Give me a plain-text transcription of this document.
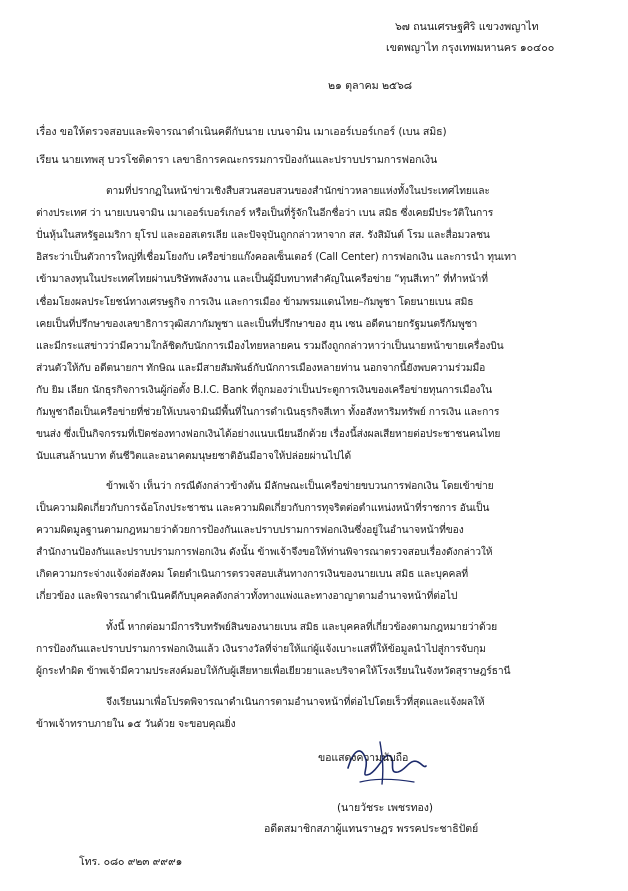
๖๗ ถนนเศรษฐศิริ แขวงพญาไท
เขตพญาไท กรุงเทพมหานคร ๑๐๔๐๐
๒๑ ตุลาคม ๒๕๖๘
เรื่อง ขอให้ตรวจสอบและพิจารณาดำเนินคดีกับนาย เบนจามิน เมาเออร์เบอร์เกอร์ (เบน สมิธ)
เรียน นายเทพสุ บวรโชติดารา เลขาธิการคณะกรรมการป้องกันและปราบปรามการฟอกเงิน
ตามที่ปรากฏในหน้าข่าวเชิงสืบสวนสอบสวนของสำนักข่าวหลายแห่งทั้งในประเทศไทยและ
ต่างประเทศ ว่า นายเบนจามิน เมาเออร์เบอร์เกอร์ หรือเป็นที่รู้จักในอีกชื่อว่า เบน สมิธ ซึ่งเคยมีประวัติในการ
ปั่นหุ้นในสหรัฐอเมริกา ยุโรป และออสเตรเลีย และปัจจุบันถูกกล่าวหาจาก สส. รังสิมันต์ โรม และสื่อมวลชน
อิสระว่าเป็นตัวการใหญ่ที่เชื่อมโยงกับ เครือข่ายแก๊งคอลเซ็นเตอร์ (Call Center) การฟอกเงิน และการนำ ทุนเทา
เข้ามาลงทุนในประเทศไทยผ่านบริษัทพลังงาน และเป็นผู้มีบทบาทสำคัญในเครือข่าย “ทุนสีเทา” ที่ทำหน้าที่
เชื่อมโยงผลประโยชน์ทางเศรษฐกิจ การเงิน และการเมือง ข้ามพรมแดนไทย–กัมพูชา โดยนายเบน สมิธ
เคยเป็นที่ปรึกษาของเลขาธิการวุฒิสภากัมพูชา และเป็นที่ปรึกษาของ ฮุน เซน อดีตนายกรัฐมนตรีกัมพูชา
และมีกระแสข่าวว่ามีความใกล้ชิดกับนักการเมืองไทยหลายคน รวมถึงถูกกล่าวหาว่าเป็นนายหน้าขายเครื่องบิน
ส่วนตัวให้กับ อดีตนายกฯ ทักษิณ และมีสายสัมพันธ์กับนักการเมืองหลายท่าน นอกจากนี้ยังพบความร่วมมือ
กับ ยิม เลียก นักธุรกิจการเงินผู้ก่อตั้ง B.I.C. Bank ที่ถูกมองว่าเป็นประตูการเงินของเครือข่ายทุนการเมืองใน
กัมพูชาถือเป็นเครือข่ายที่ช่วยให้เบนจามินมีพื้นที่ในการดำเนินธุรกิจสีเทา ทั้งอสังหาริมทรัพย์ การเงิน และการ
ขนส่ง ซึ่งเป็นกิจกรรมที่เปิดช่องทางฟอกเงินได้อย่างแนบเนียนอีกด้วย เรื่องนี้ส่งผลเสียหายต่อประชาชนคนไทย
นับแสนล้านบาท ต้นชีวิตและอนาคตมนุษยชาติอันมีอาจให้ปล่อยผ่านไปได้
ข้าพเจ้า เห็นว่า กรณีดังกล่าวข้างต้น มีลักษณะเป็นเครือข่ายขบวนการฟอกเงิน โดยเข้าข่าย
เป็นความผิดเกี่ยวกับการฉ้อโกงประชาชน และความผิดเกี่ยวกับการทุจริตต่อตำแหน่งหน้าที่ราชการ อันเป็น
ความผิดมูลฐานตามกฎหมายว่าด้วยการป้องกันและปราบปรามการฟอกเงินซึ่งอยู่ในอำนาจหน้าที่ของ
สำนักงานป้องกันและปราบปรามการฟอกเงิน ดังนั้น ข้าพเจ้าจึงขอให้ท่านพิจารณาตรวจสอบเรื่องดังกล่าวให้
เกิดความกระจ่างแจ้งต่อสังคม โดยดำเนินการตรวจสอบเส้นทางการเงินของนายเบน สมิธ และบุคคลที่
เกี่ยวข้อง และพิจารณาดำเนินคดีกับบุคคลดังกล่าวทั้งทางแพ่งและทางอาญาตามอำนาจหน้าที่ต่อไป
ทั้งนี้ หากต่อมามีการริบทรัพย์สินของนายเบน สมิธ และบุคคลที่เกี่ยวข้องตามกฎหมายว่าด้วย
การป้องกันและปราบปรามการฟอกเงินแล้ว เงินรางวัลที่จ่ายให้แก่ผู้แจ้งเบาะแสที่ให้ข้อมูลนำไปสู่การจับกุม
ผู้กระทำผิด ข้าพเจ้ามีความประสงค์มอบให้กับผู้เสียหายเพื่อเยียวยาและบริจาคให้โรงเรียนในจังหวัดสุราษฎร์ธานี
จึงเรียนมาเพื่อโปรดพิจารณาดำเนินการตามอำนาจหน้าที่ต่อไปโดยเร็วที่สุดและแจ้งผลให้
ข้าพเจ้าทราบภายใน ๑๕ วันด้วย จะขอบคุณยิ่ง
ขอแสดงความนับถือ
(นายวัชระ เพชรทอง)
อดีตสมาชิกสภาผู้แทนราษฎร พรรคประชาธิปัตย์
โทร. ๐๘๐ ๙๒๓ ๙๙๙๑
